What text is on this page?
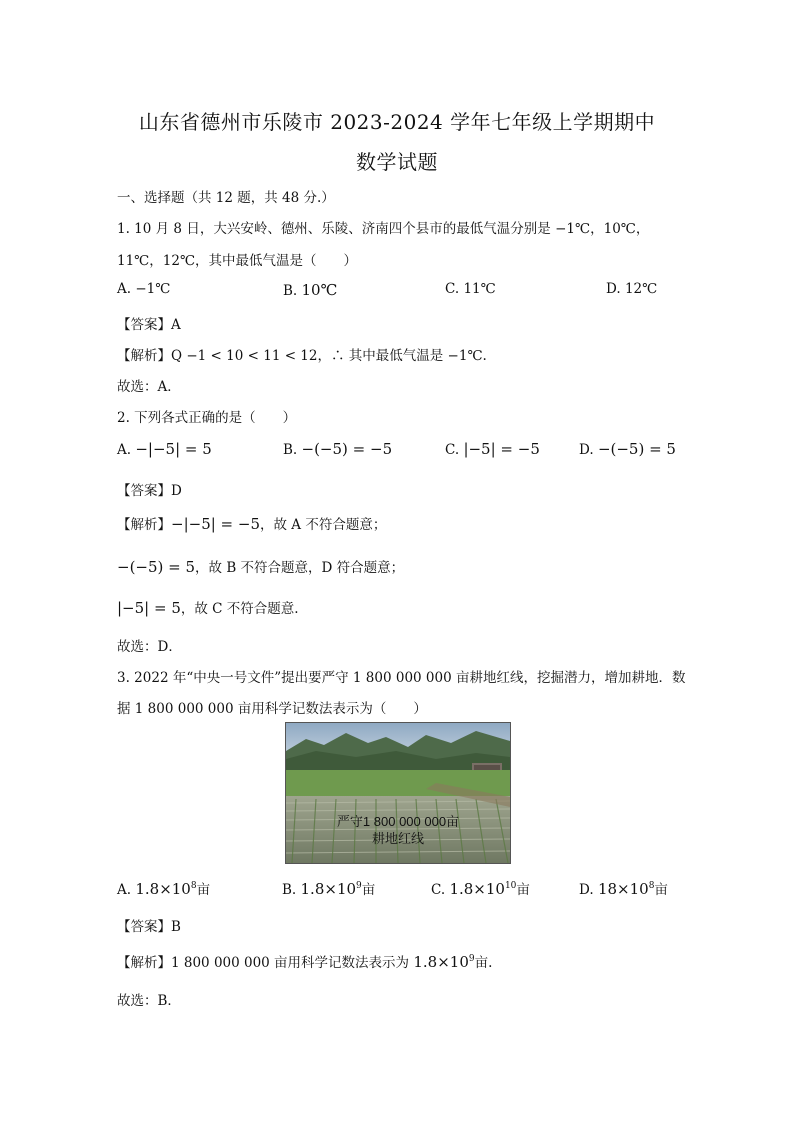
山东省德州市乐陵市 2023-2024 学年七年级上学期期中
数学试题
一、选择题（共 12 题，共 48 分.）
1. 10 月 8 日，大兴安岭、德州、乐陵、济南四个县市的最低气温分别是 −1℃，10℃，
11℃，12℃，其中最低气温是（　　）
A. −1℃	B. 10℃	C. 11℃	D. 12℃
【答案】A
【解析】Q −1 < 10 < 11 < 12，∴ 其中最低气温是 −1℃.
故选：A．
2. 下列各式正确的是（　　）
A. −|−5| = 5	B. −(−5) = −5	C. |−5| = −5	D. −(−5) = 5
【答案】D
【解析】−|−5| = −5，故 A 不符合题意；
−(−5) = 5，故 B 不符合题意，D 符合题意；
|−5| = 5，故 C 不符合题意.
故选：D．
3. 2022 年“中央一号文件”提出要严守 1 800 000 000 亩耕地红线，挖掘潜力，增加耕地．数
据 1 800 000 000 亩用科学记数法表示为（　　）
严守1 800 000 000亩
耕地红线
A. $1.8\times 10^8$亩	B. $1.8\times 10^9$亩	C. $1.8\times 10^{10}$亩	D. $18\times 10^8$亩
【答案】B
【解析】1 800 000 000 亩用科学记数法表示为 $1.8\times 10^9$亩.
故选：B．
